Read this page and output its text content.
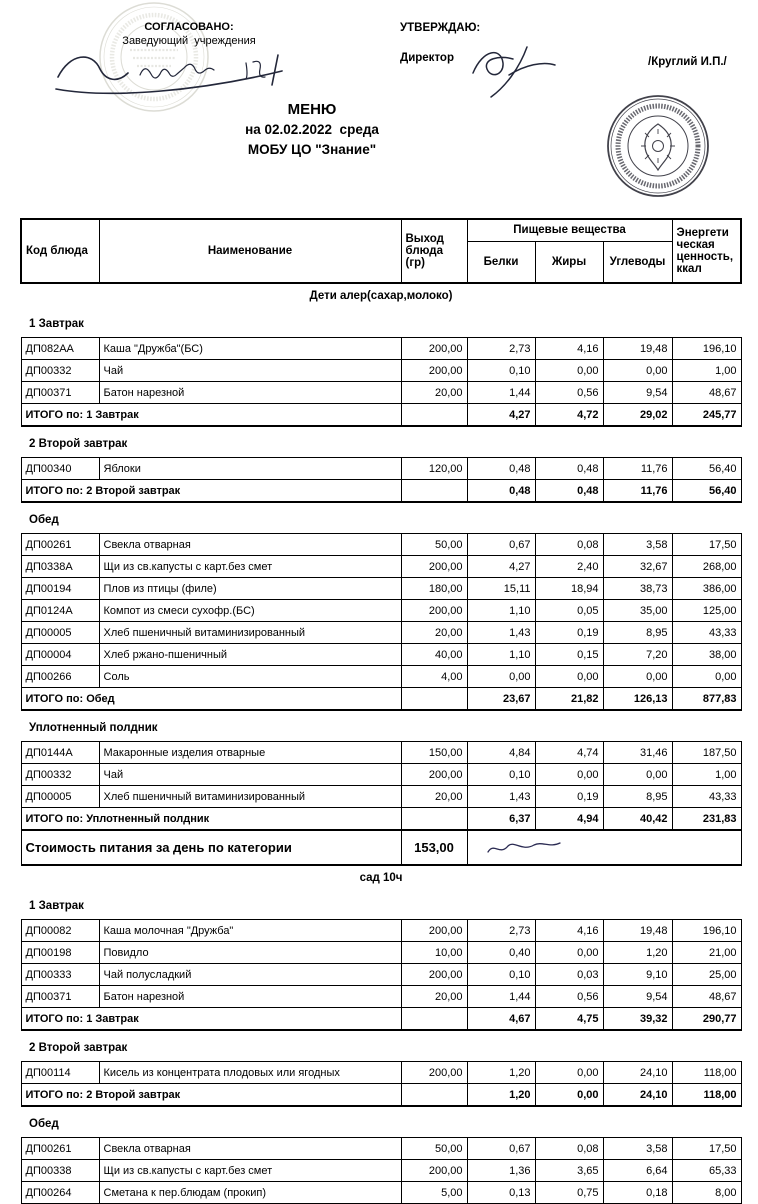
СОГЛАСОВАНО:
Заведующий  учреждения
УТВЕРЖДАЮ:
Директор	/Круглий И.П./
МЕНЮ
на 02.02.2022  среда
МОБУ ЦО "Знание"
Код блюда	Наименование	Выход блюда (гр)	Пищевые вещества			Энергети ческая ценность, ккал
			Белки	Жиры	Углеводы	
Дети алер(сахар,молоко)						
1 Завтрак						
ДП082АА	Каша "Дружба"(БС)	200,00	2,73	4,16	19,48	196,10
ДП00332	Чай	200,00	0,10	0,00	0,00	1,00
ДП00371	Батон нарезной	20,00	1,44	0,56	9,54	48,67
ИТОГО по: 1 Завтрак			4,27	4,72	29,02	245,77
2 Второй завтрак						
ДП00340	Яблоки	120,00	0,48	0,48	11,76	56,40
ИТОГО по: 2 Второй завтрак			0,48	0,48	11,76	56,40
Обед						
ДП00261	Свекла отварная	50,00	0,67	0,08	3,58	17,50
ДП0338А	Щи из св.капусты с карт.без смет	200,00	4,27	2,40	32,67	268,00
ДП00194	Плов из птицы (филе)	180,00	15,11	18,94	38,73	386,00
ДП0124А	Компот из смеси сухофр.(БС)	200,00	1,10	0,05	35,00	125,00
ДП00005	Хлеб пшеничный витаминизированный	20,00	1,43	0,19	8,95	43,33
ДП00004	Хлеб ржано-пшеничный	40,00	1,10	0,15	7,20	38,00
ДП00266	Соль	4,00	0,00	0,00	0,00	0,00
ИТОГО по: Обед			23,67	21,82	126,13	877,83
Уплотненный полдник						
ДП0144А	Макаронные изделия отварные	150,00	4,84	4,74	31,46	187,50
ДП00332	Чай	200,00	0,10	0,00	0,00	1,00
ДП00005	Хлеб пшеничный витаминизированный	20,00	1,43	0,19	8,95	43,33
ИТОГО по: Уплотненный полдник			6,37	4,94	40,42	231,83
Стоимость питания за день по категории		153,00	

сад 10ч						
1 Завтрак						
ДП00082	Каша молочная "Дружба"	200,00	2,73	4,16	19,48	196,10
ДП00198	Повидло	10,00	0,40	0,00	1,20	21,00
ДП00333	Чай полусладкий	200,00	0,10	0,03	9,10	25,00
ДП00371	Батон нарезной	20,00	1,44	0,56	9,54	48,67
ИТОГО по: 1 Завтрак			4,67	4,75	39,32	290,77
2 Второй завтрак						
ДП00114	Кисель из концентрата плодовых или ягодных	200,00	1,20	0,00	24,10	118,00
ИТОГО по: 2 Второй завтрак			1,20	0,00	24,10	118,00
Обед						
ДП00261	Свекла отварная	50,00	0,67	0,08	3,58	17,50
ДП00338	Щи из св.капусты с карт.без смет	200,00	1,36	3,65	6,64	65,33
ДП00264	Сметана к пер.блюдам (прокип)	5,00	0,13	0,75	0,18	8,00
